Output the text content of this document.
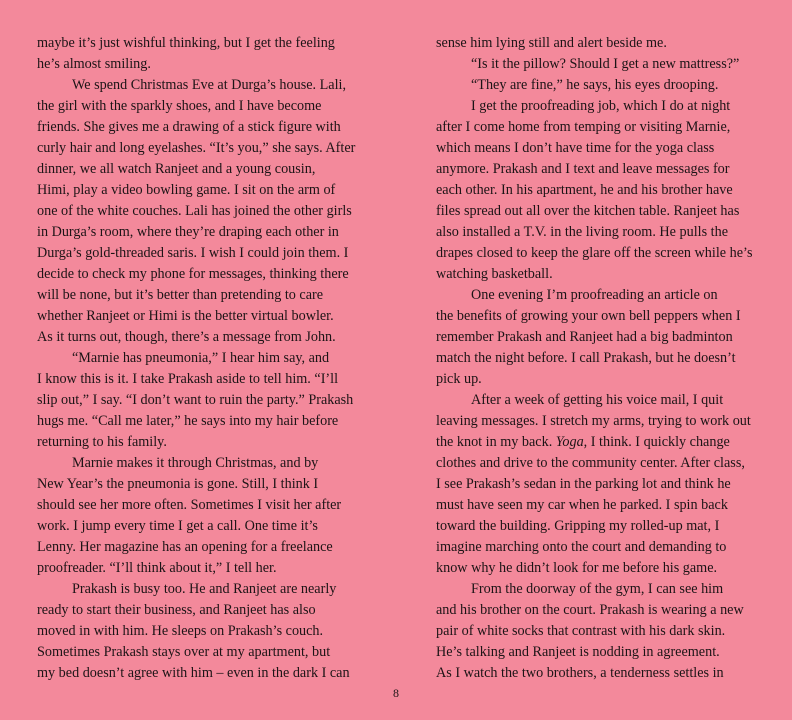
maybe it’s just wishful thinking, but I get the feeling
he’s almost smiling.
We spend Christmas Eve at Durga’s house. Lali,
the girl with the sparkly shoes, and I have become
friends. She gives me a drawing of a stick figure with
curly hair and long eyelashes. “It’s you,” she says. After
dinner, we all watch Ranjeet and a young cousin,
Himi, play a video bowling game. I sit on the arm of
one of the white couches. Lali has joined the other girls
in Durga’s room, where they’re draping each other in
Durga’s gold-threaded saris. I wish I could join them. I
decide to check my phone for messages, thinking there
will be none, but it’s better than pretending to care
whether Ranjeet or Himi is the better virtual bowler.
As it turns out, though, there’s a message from John.
“Marnie has pneumonia,” I hear him say, and
I know this is it. I take Prakash aside to tell him. “I’ll
slip out,” I say. “I don’t want to ruin the party.” Prakash
hugs me. “Call me later,” he says into my hair before
returning to his family.
Marnie makes it through Christmas, and by
New Year’s the pneumonia is gone. Still, I think I
should see her more often. Sometimes I visit her after
work. I jump every time I get a call. One time it’s
Lenny. Her magazine has an opening for a freelance
proofreader. “I’ll think about it,” I tell her.
Prakash is busy too. He and Ranjeet are nearly
ready to start their business, and Ranjeet has also
moved in with him. He sleeps on Prakash’s couch.
Sometimes Prakash stays over at my apartment, but
my bed doesn’t agree with him – even in the dark I can
sense him lying still and alert beside me.
“Is it the pillow? Should I get a new mattress?”
“They are fine,” he says, his eyes drooping.
I get the proofreading job, which I do at night
after I come home from temping or visiting Marnie,
which means I don’t have time for the yoga class
anymore. Prakash and I text and leave messages for
each other. In his apartment, he and his brother have
files spread out all over the kitchen table. Ranjeet has
also installed a T.V. in the living room. He pulls the
drapes closed to keep the glare off the screen while he’s
watching basketball.
One evening I’m proofreading an article on
the benefits of growing your own bell peppers when I
remember Prakash and Ranjeet had a big badminton
match the night before. I call Prakash, but he doesn’t
pick up.
After a week of getting his voice mail, I quit
leaving messages. I stretch my arms, trying to work out
the knot in my back. Yoga, I think. I quickly change
clothes and drive to the community center. After class,
I see Prakash’s sedan in the parking lot and think he
must have seen my car when he parked. I spin back
toward the building. Gripping my rolled-up mat, I
imagine marching onto the court and demanding to
know why he didn’t look for me before his game.
From the doorway of the gym, I can see him
and his brother on the court. Prakash is wearing a new
pair of white socks that contrast with his dark skin.
He’s talking and Ranjeet is nodding in agreement.
As I watch the two brothers, a tenderness settles in
8
